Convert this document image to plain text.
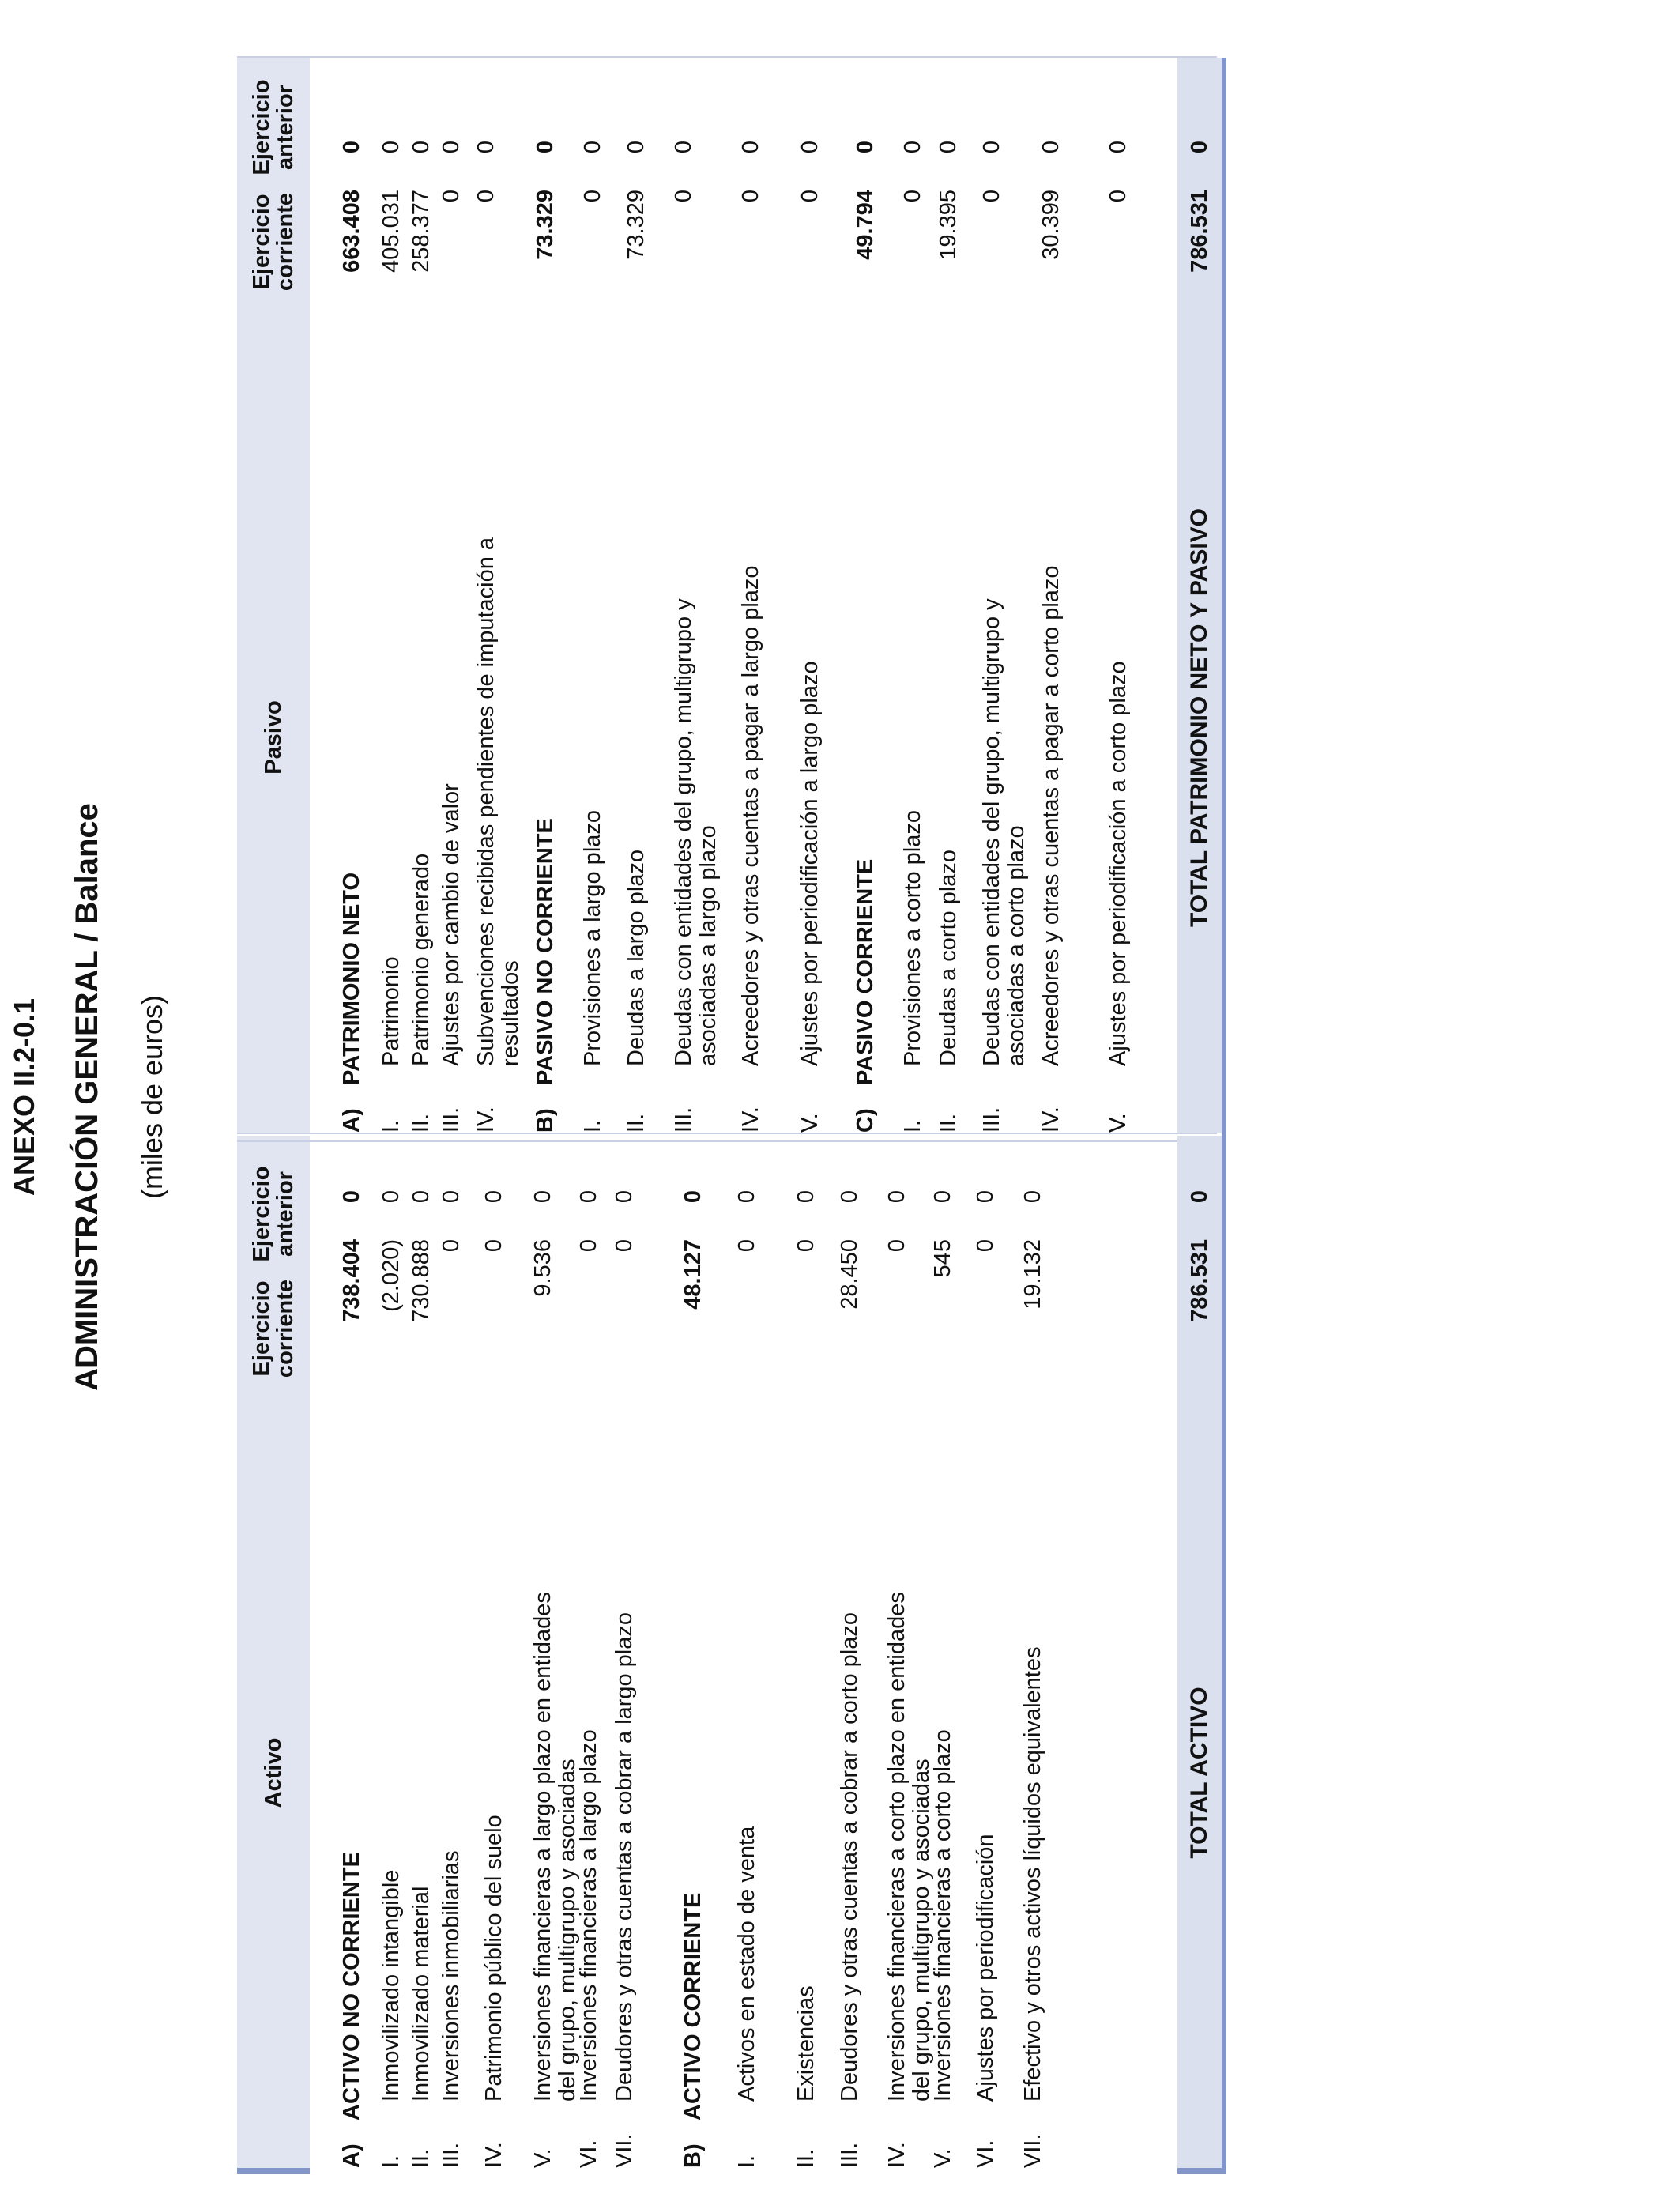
ANEXO II.2-0.1 ADMINISTRACIÓN GENERAL / Balance (miles de euros)
Activo
Ejercicio corriente
Ejercicio anterior
Pasivo
Ejercicio corriente
Ejercicio anterior
A)
ACTIVO NO CORRIENTE
738.404
0
I.
Inmovilizado intangible
(2.020)
0
II.
Inmovilizado material
730.888
0
III.
Inversiones inmobiliarias
0
0
IV.
Patrimonio público del suelo
0
0
V.
Inversiones financieras a largo plazo en entidades del grupo, multigrupo y asociadas
9.536
0
VI.
Inversiones financieras a largo plazo
0
0
VII.
Deudores y otras cuentas a cobrar a largo plazo
0
0
B)
ACTIVO CORRIENTE
48.127
0
I.
Activos en estado de venta
0
0
II.
Existencias
0
0
III.
Deudores y otras cuentas a cobrar a corto plazo
28.450
0
IV.
Inversiones financieras a corto plazo en entidades del grupo, multigrupo y asociadas
0
0
V.
Inversiones financieras a corto plazo
545
0
VI.
Ajustes por periodificación
0
0
VII.
Efectivo y otros activos líquidos equivalentes
19.132
0
A)
PATRIMONIO NETO
663.408
0
I.
Patrimonio
405.031
0
II.
Patrimonio generado
258.377
0
III.
Ajustes por cambio de valor
0
0
IV.
Subvenciones recibidas pendientes de imputación a resultados
0
0
B)
PASIVO NO CORRIENTE
73.329
0
I.
Provisiones a largo plazo
0
0
II.
Deudas a largo plazo
73.329
0
III.
Deudas con entidades del grupo, multigrupo y asociadas a largo plazo
0
0
IV.
Acreedores y otras cuentas a pagar a largo plazo
0
0
V.
Ajustes por periodificación a largo plazo
0
0
C)
PASIVO CORRIENTE
49.794
0
I.
Provisiones a corto plazo
0
0
II.
Deudas a corto plazo
19.395
0
III.
Deudas con entidades del grupo, multigrupo y asociadas a corto plazo
0
0
IV.
Acreedores y otras cuentas a pagar a corto plazo
30.399
0
V.
Ajustes por periodificación a corto plazo
0
0
TOTAL ACTIVO
786.531
0
TOTAL PATRIMONIO NETO Y PASIVO
786.531
0
